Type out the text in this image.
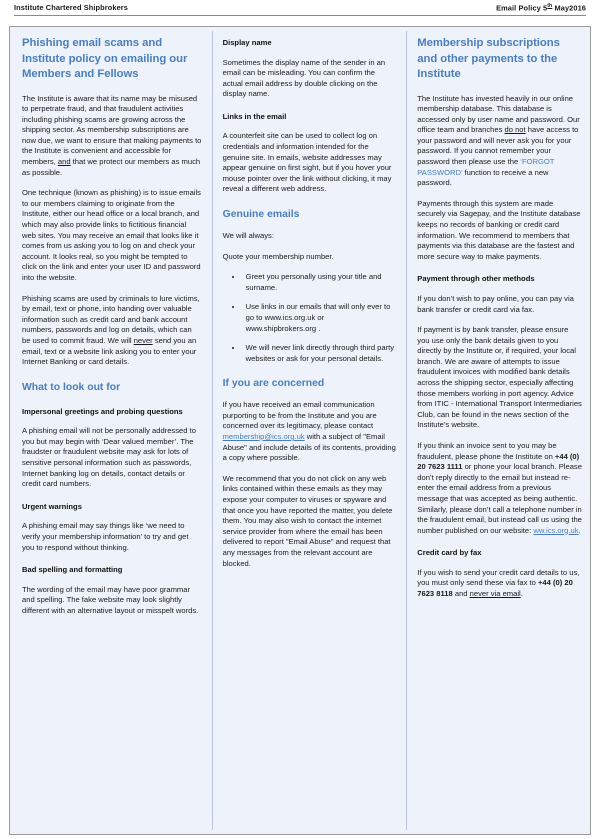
Institute Chartered Shipbrokers	Email Policy 5th May2016
Phishing email scams and Institute policy on emailing our Members and Fellows

The Institute is aware that its name may be misused to perpetrate fraud, and that fraudulent activities including phishing scams are growing across the shipping sector. As membership subscriptions are now due, we want to ensure that making payments to the Institute is convenient and accessible for members, and that we protect our members as much as possible.

One technique (known as phishing) is to issue emails to our members claiming to originate from the Institute, either our head office or a local branch, and which may also provide links to fictitious financial web sites. You may receive an email that looks like it comes from us asking you to log on and check your account. It looks real, so you might be tempted to click on the link and enter your user ID and password into the website.

Phishing scams are used by criminals to lure victims, by email, text or phone, into handing over valuable information such as credit card and bank account numbers, passwords and log on details, which can be used to commit fraud. We will never send you an email, text or a website link asking you to enter your Internet Banking or card details.

What to look out for
Impersonal greetings and probing questions

A phishing email will not be personally addressed to you but may begin with ‘Dear valued member’. The fraudster or fraudulent website may ask for lots of sensitive personal information such as passwords, Internet banking log on details, contact details or credit card numbers.

Urgent warnings

A phishing email may say things like ‘we need to verify your membership information’ to try and get you to respond without thinking.

Bad spelling and formatting

The wording of the email may have poor grammar and spelling. The fake website may look slightly different with an alternative layout or misspelt words.

Display name

Sometimes the display name of the sender in an email can be misleading. You can confirm the actual email address by double clicking on the display name.

Links in the email

A counterfeit site can be used to collect log on credentials and information intended for the genuine site. In emails, website addresses may appear genuine on first sight, but if you hover your mouse pointer over the link without clicking, it may reveal a different web address.

Genuine emails

We will always:

Quote your membership number.

• Greet you personally using your title and surname.
• Use links in our emails that will only ever to go to www.ics.org.uk or www.shipbrokers.org .
• We will never link directly through third party websites or ask for your personal details.
If you are concerned

If you have received an email communication purporting to be from the Institute and you are concerned over its legitimacy, please contact membership@ics.org.uk with a subject of "Email Abuse" and include details of its contents, providing a copy where possible.

We recommend that you do not click on any web links contained within these emails as they may expose your computer to viruses or spyware and that once you have reported the matter, you delete them. You may also wish to contact the internet service provider from where the email has been delivered to report "Email Abuse" and request that any messages from the relevant account are blocked.

Membership subscriptions and other payments to the Institute

The Institute has invested heavily in our online membership database. This database is accessed only by user name and password. Our office team and branches do not have access to your password and will never ask you for your password. If you cannot remember your password then please use the ‘FORGOT PASSWORD’ function to receive a new password.

Payments through this system are made securely via Sagepay, and the Institute database keeps no records of banking or credit card information. We recommend to members that payments via this database are the fastest and more secure way to make payments.

Payment through other methods

If you don’t wish to pay online, you can pay via bank transfer or credit card via fax.

If payment is by bank transfer, please ensure you use only the bank details given to you directly by the Institute or, if required, your local branch. We are aware of attempts to issue fraudulent invoices with modified bank details across the shipping sector, especially affecting those members working in port agency. Advice from ITIC - International Transport Intermediaries Club, can be found in the news section of the Institute’s website.

If you think an invoice sent to you may be fraudulent, please phone the Institute on +44 (0) 20 7623 1111 or phone your local branch. Please don’t reply directly to the email but instead re-enter the email address from a previous message that was accepted as being authentic. Similarly, please don’t call a telephone number in the fraudulent email, but instead call us using the number published on our website: ww.ics.org.uk.

Credit card by fax

If you wish to send your credit card details to us, you must only send these via fax to +44 (0) 20 7623 8118 and never via email.
